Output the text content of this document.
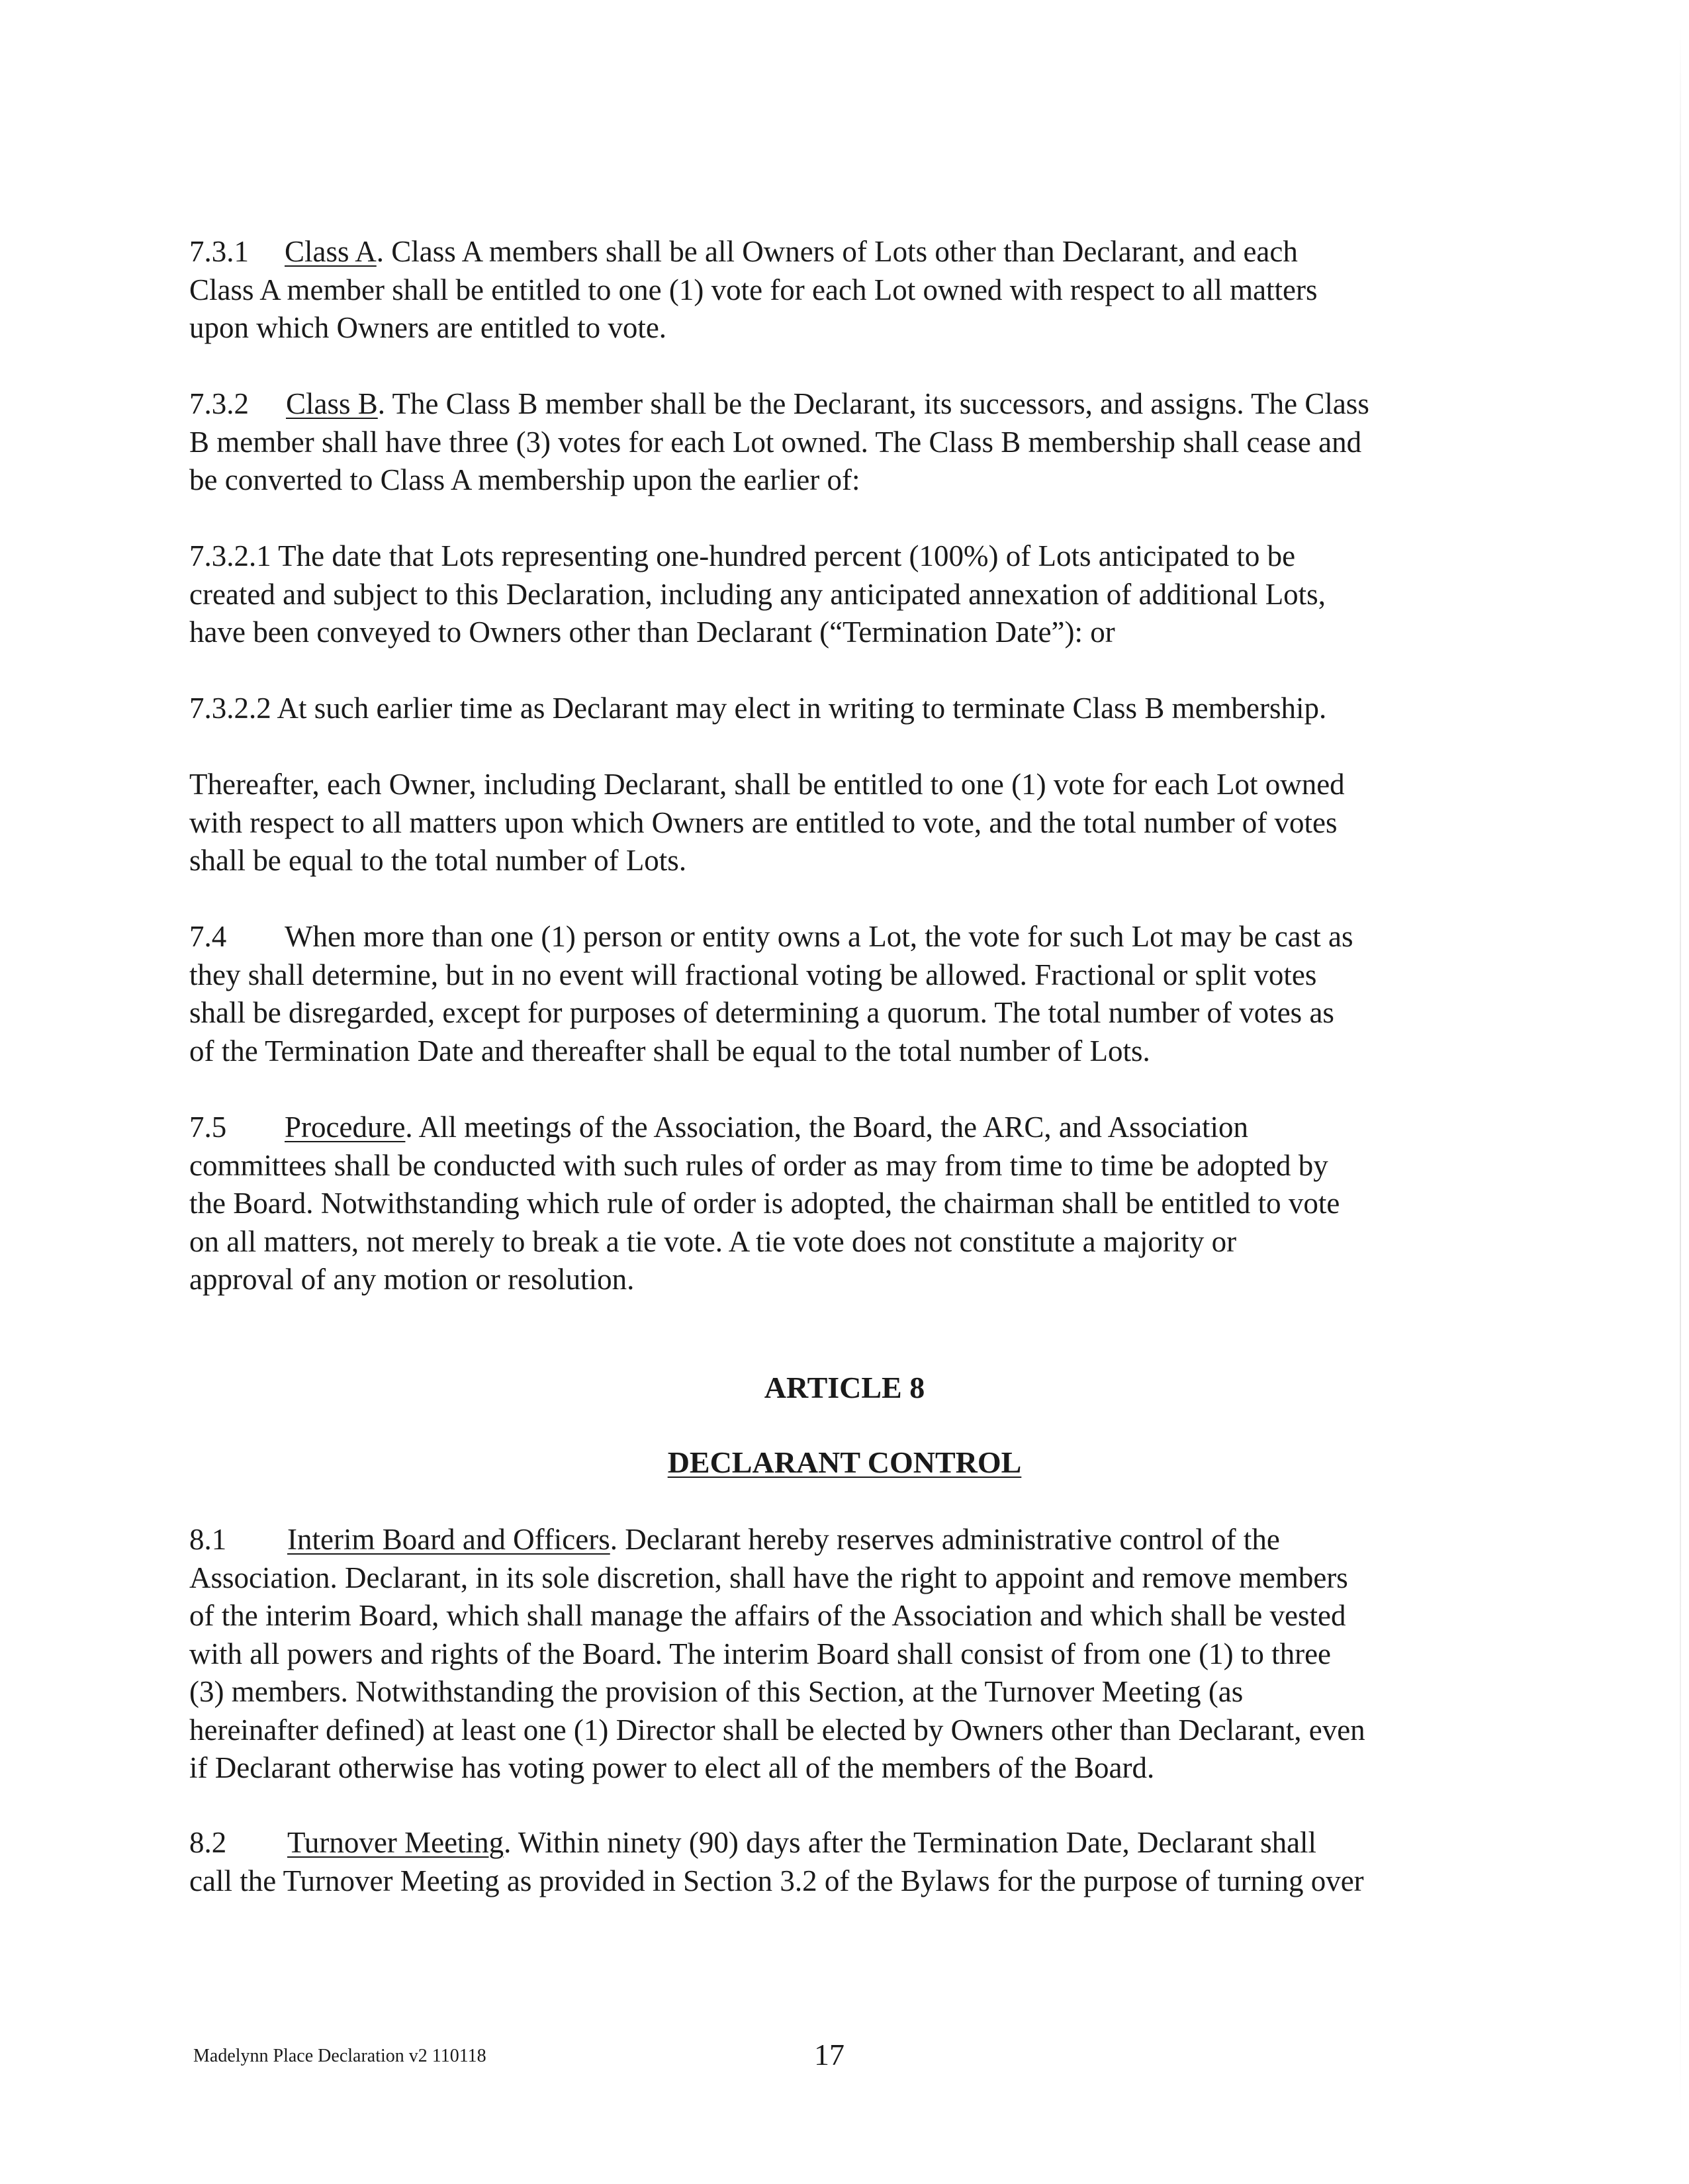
7.3.1 Class A. Class A members shall be all Owners of Lots other than Declarant, and each
Class A member shall be entitled to one (1) vote for each Lot owned with respect to all matters
upon which Owners are entitled to vote.
7.3.2 Class B. The Class B member shall be the Declarant, its successors, and assigns. The Class
B member shall have three (3) votes for each Lot owned. The Class B membership shall cease and
be converted to Class A membership upon the earlier of:
7.3.2.1 The date that Lots representing one-hundred percent (100%) of Lots anticipated to be
created and subject to this Declaration, including any anticipated annexation of additional Lots,
have been conveyed to Owners other than Declarant (“Termination Date”): or
7.3.2.2 At such earlier time as Declarant may elect in writing to terminate Class B membership.
Thereafter, each Owner, including Declarant, shall be entitled to one (1) vote for each Lot owned
with respect to all matters upon which Owners are entitled to vote, and the total number of votes
shall be equal to the total number of Lots.
7.4 When more than one (1) person or entity owns a Lot, the vote for such Lot may be cast as
they shall determine, but in no event will fractional voting be allowed. Fractional or split votes
shall be disregarded, except for purposes of determining a quorum. The total number of votes as
of the Termination Date and thereafter shall be equal to the total number of Lots.
7.5 Procedure. All meetings of the Association, the Board, the ARC, and Association
committees shall be conducted with such rules of order as may from time to time be adopted by
the Board. Notwithstanding which rule of order is adopted, the chairman shall be entitled to vote
on all matters, not merely to break a tie vote. A tie vote does not constitute a majority or
approval of any motion or resolution.
ARTICLE 8
DECLARANT CONTROL
8.1 Interim Board and Officers. Declarant hereby reserves administrative control of the
Association. Declarant, in its sole discretion, shall have the right to appoint and remove members
of the interim Board, which shall manage the affairs of the Association and which shall be vested
with all powers and rights of the Board. The interim Board shall consist of from one (1) to three
(3) members. Notwithstanding the provision of this Section, at the Turnover Meeting (as
hereinafter defined) at least one (1) Director shall be elected by Owners other than Declarant, even
if Declarant otherwise has voting power to elect all of the members of the Board.
8.2 Turnover Meeting. Within ninety (90) days after the Termination Date, Declarant shall
call the Turnover Meeting as provided in Section 3.2 of the Bylaws for the purpose of turning over
Madelynn Place Declaration v2 110118	17
